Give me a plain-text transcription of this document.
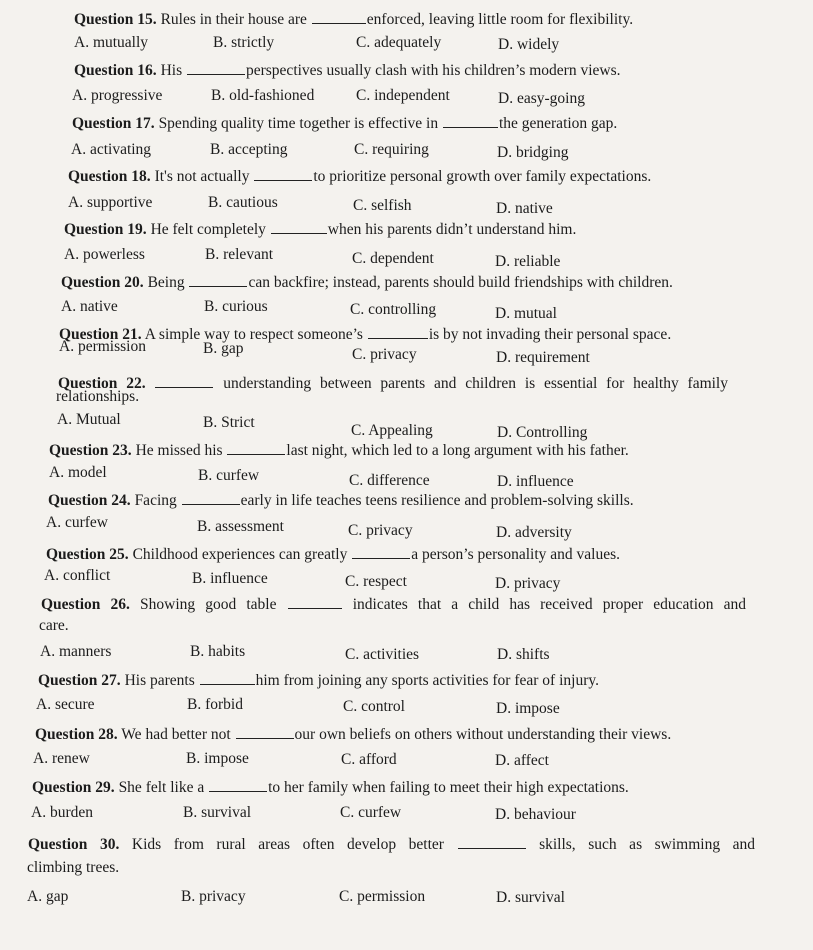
Question 15. Rules in their house are	enforced, leaving little room for flexibility.
A. mutually	B. strictly	C. adequately	D. widely
Question 16. His	perspectives usually clash with his children’s modern views.
A. progressive	B. old-fashioned	C. independent	D. easy-going
Question 17. Spending quality time together is effective in	the generation gap.
A. activating	B. accepting	C. requiring	D. bridging
Question 18. It's not actually	to prioritize personal growth over family expectations.
A. supportive	B. cautious	C. selfish	D. native
Question 19. He felt completely	when his parents didn’t understand him.
A. powerless	B. relevant	C. dependent	D. reliable
Question 20. Being	can backfire; instead, parents should build friendships with children.
A. native	B. curious	C. controlling	D. mutual
Question 21. A simple way to respect someone’s	is by not invading their personal space.
A. permission	B. gap	C. privacy	D. requirement
Question 22.	understanding between parents and children is essential for healthy family
relationships.
A. Mutual	B. Strict	C. Appealing	D. Controlling
Question 23. He missed his	last night, which led to a long argument with his father.
A. model	B. curfew	C. difference	D. influence
Question 24. Facing	early in life teaches teens resilience and problem-solving skills.
A. curfew	B. assessment	C. privacy	D. adversity
Question 25. Childhood experiences can greatly	a person’s personality and values.
A. conflict	B. influence	C. respect	D. privacy
Question 26. Showing good table	indicates that a child has received proper education and
care.
A. manners	B. habits	C. activities	D. shifts
Question 27. His parents	him from joining any sports activities for fear of injury.
A. secure	B. forbid	C. control	D. impose
Question 28. We had better not	our own beliefs on others without understanding their views.
A. renew	B. impose	C. afford	D. affect
Question 29. She felt like a	to her family when failing to meet their high expectations.
A. burden	B. survival	C. curfew	D. behaviour
Question 30. Kids from rural areas often develop better	skills, such as swimming and
climbing trees.
A. gap	B. privacy	C. permission	D. survival
